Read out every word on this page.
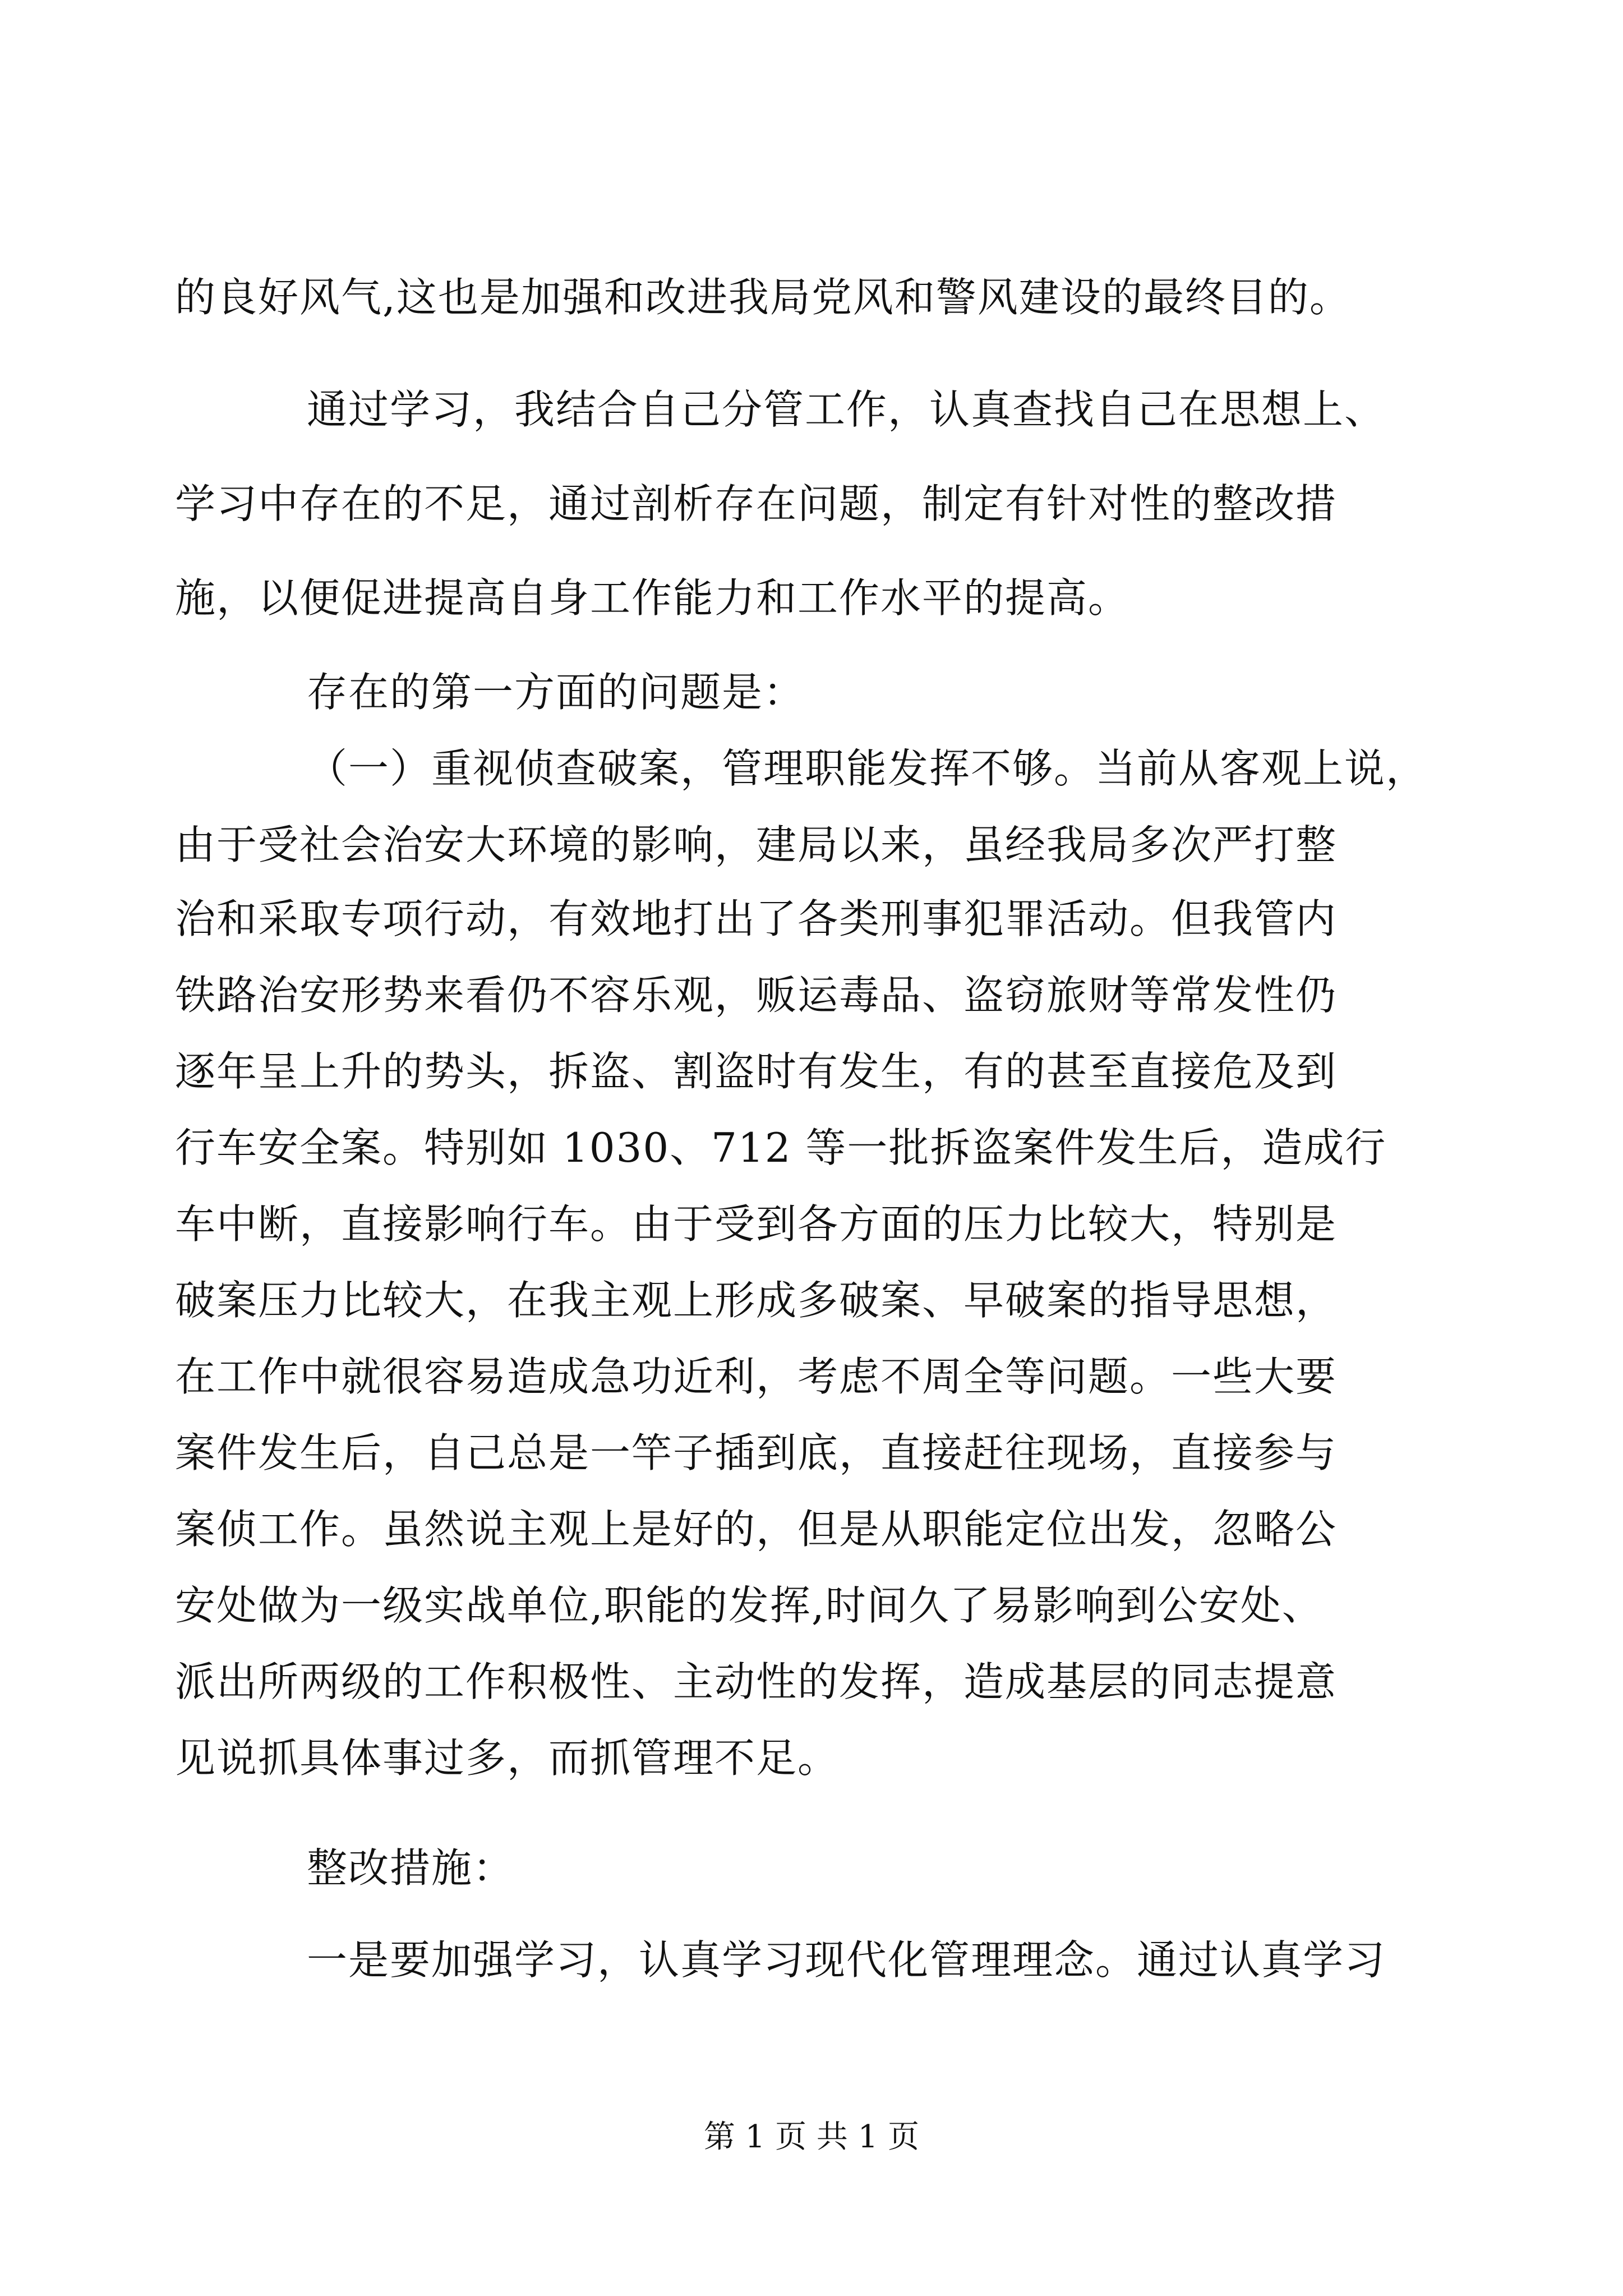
的良好风气,这也是加强和改进我局党风和警风建设的最终目的。
通过学习，我结合自己分管工作，认真查找自己在思想上、
学习中存在的不足，通过剖析存在问题，制定有针对性的整改措
施，以便促进提高自身工作能力和工作水平的提高。
存在的第一方面的问题是：
（一）重视侦查破案，管理职能发挥不够。当前从客观上说，
由于受社会治安大环境的影响，建局以来，虽经我局多次严打整
治和采取专项行动，有效地打出了各类刑事犯罪活动。但我管内
铁路治安形势来看仍不容乐观，贩运毒品、盗窃旅财等常发性仍
逐年呈上升的势头，拆盗、割盗时有发生，有的甚至直接危及到
行车安全案。特别如 1030、712 等一批拆盗案件发生后，造成行
车中断，直接影响行车。由于受到各方面的压力比较大，特别是
破案压力比较大，在我主观上形成多破案、早破案的指导思想，
在工作中就很容易造成急功近利，考虑不周全等问题。一些大要
案件发生后，自己总是一竿子插到底，直接赶往现场，直接参与
案侦工作。虽然说主观上是好的，但是从职能定位出发，忽略公
安处做为一级实战单位,职能的发挥,时间久了易影响到公安处、
派出所两级的工作积极性、主动性的发挥，造成基层的同志提意
见说抓具体事过多，而抓管理不足。
整改措施：
一是要加强学习，认真学习现代化管理理念。通过认真学习
第 1 页 共 1 页
